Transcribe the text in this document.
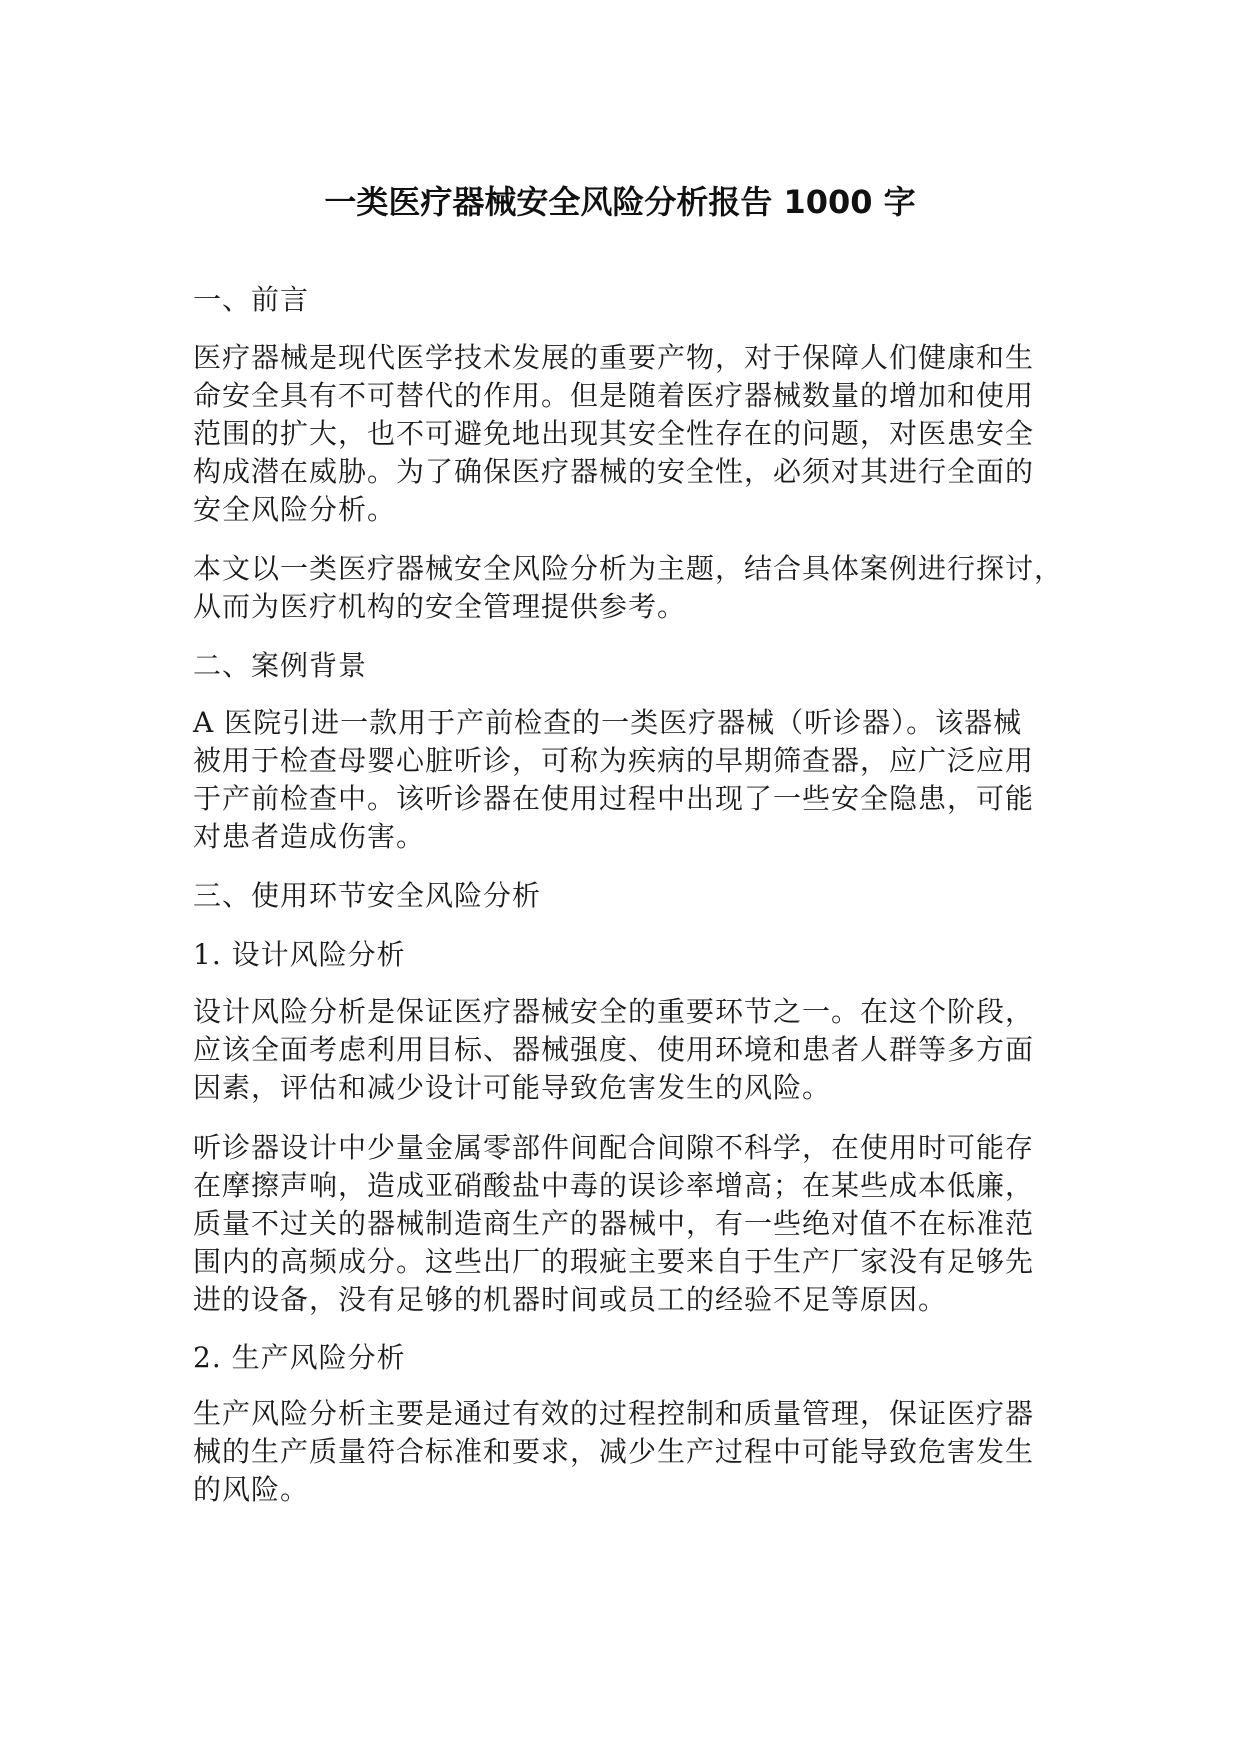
一类医疗器械安全风险分析报告 1000 字
一、前言
医疗器械是现代医学技术发展的重要产物，对于保障人们健康和生
命安全具有不可替代的作用。但是随着医疗器械数量的增加和使用
范围的扩大，也不可避免地出现其安全性存在的问题，对医患安全
构成潜在威胁。为了确保医疗器械的安全性，必须对其进行全面的
安全风险分析。
本文以一类医疗器械安全风险分析为主题，结合具体案例进行探讨，
从而为医疗机构的安全管理提供参考。
二、案例背景
A 医院引进一款用于产前检查的一类医疗器械（听诊器）。该器械
被用于检查母婴心脏听诊，可称为疾病的早期筛查器，应广泛应用
于产前检查中。该听诊器在使用过程中出现了一些安全隐患，可能
对患者造成伤害。
三、使用环节安全风险分析
1. 设计风险分析
设计风险分析是保证医疗器械安全的重要环节之一。在这个阶段，
应该全面考虑利用目标、器械强度、使用环境和患者人群等多方面
因素，评估和减少设计可能导致危害发生的风险。
听诊器设计中少量金属零部件间配合间隙不科学，在使用时可能存
在摩擦声响，造成亚硝酸盐中毒的误诊率增高；在某些成本低廉，
质量不过关的器械制造商生产的器械中，有一些绝对值不在标准范
围内的高频成分。这些出厂的瑕疵主要来自于生产厂家没有足够先
进的设备，没有足够的机器时间或员工的经验不足等原因。
2. 生产风险分析
生产风险分析主要是通过有效的过程控制和质量管理，保证医疗器
械的生产质量符合标准和要求，减少生产过程中可能导致危害发生
的风险。
